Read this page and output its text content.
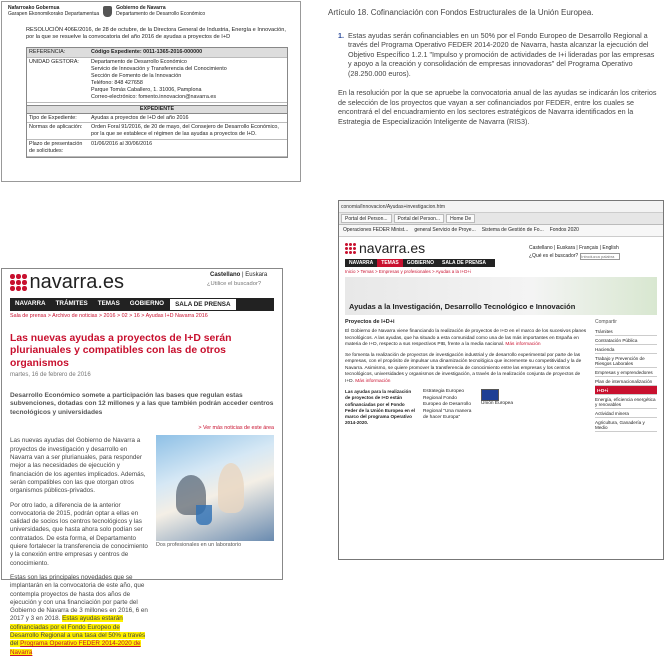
Nafarroako Gobernua
Garapen Ekonomikorako Departamentua
Gobierno de Navarra
Departamento de Desarrollo Económico
RESOLUCIÓN 406E/2016, de 28 de octubre, de la Directora General de Industria, Energía e Innovación, por la que se resuelve la convocatoria del año 2016 de ayudas a proyectos de I+D
REFERENCIA:	Código Expediente: 0011-1365-2016-000000
UNIDAD GESTORA:	Departamento de Desarrollo Económico
Servicio de Innovación y Transferencia del Conocimiento
Sección de Fomento de la Innovación
Teléfono: 848 427658
Parque Tomás Caballero, 1. 31006, Pamplona
Correo-electrónico: fomento.innovacion@navarra.es
EXPEDIENTE
Tipo de Expediente:	Ayudas a proyectos de I+D del año 2016
Normas de aplicación:	Orden Foral 91/2016, de 20 de mayo, del Consejero de Desarrollo Económico, por la que se establece el régimen de las ayudas a proyectos de I+D.
Plazo de presentación de solicitudes:
01/06/2016 al 30/06/2016
Artículo 18. Cofinanciación con Fondos Estructurales de la Unión Europea.
1. Estas ayudas serán cofinanciables en un 50% por el Fondo Europeo de Desarrollo Regional a través del Programa Operativo FEDER 2014-2020 de Navarra, hasta alcanzar la ejecución del Objetivo Específico 1.2.1 "Impulso y promoción de actividades de I+i lideradas por las empresas y apoyo a la creación y consolidación de empresas innovadoras" del Programa Operativo (28.250.000 euros).

En la resolución por la que se apruebe la convocatoria anual de las ayudas se indicarán los criterios de selección de los proyectos que vayan a ser cofinanciados por FEDER, entre los cuales se encontrará el del encuadramiento en los sectores estratégicos de Navarra identificados en la Estrategia de Especialización Inteligente de Navarra (RIS3).

conomia/Innovacion/Ayudas+investigacion.htm
Portal del Person...	Portal del Person...	Home De
Operaciones FEDER Minist... general Servicio de Proye... Sistema de Gestión de Fo... Fondos 2020
navarra.es	Castellano | Euskara | Français | English
¿Qué es el buscador?
Introduzca palabra
NAVARRA	TEMAS	GOBIERNO	SALA DE PRENSA
Inicio > Temas > Empresas y profesionales > Ayudas a la I+D+i
Ayudas a la Investigación, Desarrollo Tecnológico e Innovación
Proyectos de I+D+i

El Gobierno de Navarra viene financiando la realización de proyectos de I+D en el marco de los sucesivos planes tecnológicos. A las ayudas, que ha situado a esta comunidad como una de las más importantes en España en materia de I+D, respecto a sus respectivos PIB, frente a la media nacional. Más información

Se fomenta la realización de proyectos de investigación industrial y de desarrollo experimental por parte de las empresas, con el propósito de impulsar una dinamización tecnológica que incremente su competitividad y la de Navarra. Asimismo, se quiere promover la transferencia de conocimiento entre las empresas y los centros tecnológicos, universidades y organismos de investigación, a través de la realización conjunta de proyectos de I+D. Más información

Las ayudas para la realización de proyectos de I+D están cofinanciadas por el Fondo Feder de la Unión Europea en el marco del programa Operativo 2014-2020.
Estrategia Europeo Regional Fondo Europeo de Desarrollo Regional "Una manera de hacer Europa"
Unión Europea
Compartir
Trámites
Contratación Pública
Hacienda
Trabajo y Prevención de Riesgos Laborales
Empresas y emprendedores
Plan de internacionalización
I+D+i
Energía, eficiencia energética y renovables
Actividad minera
Agricultura, Ganadería y Medio
navarra.es	Castellano | Euskara
¿Utilice el buscador?
NAVARRA	TRÁMITES	TEMAS	GOBIERNO	SALA DE PRENSA
Sala de prensa > Archivo de noticias > 2016 > 02 > 16 > Ayudas I+D Navarra 2016
Las nuevas ayudas a proyectos de I+D serán plurianuales y compatibles con las de otros organismos
martes, 16 de febrero de 2016
Desarrollo Económico somete a participación las bases que regulan estas subvenciones, dotadas con 12 millones y a las que también podrán acceder centros tecnológicos y universidades

Las nuevas ayudas del Gobierno de Navarra a proyectos de investigación y desarrollo en Navarra van a ser plurianuales, para responder mejor a las necesidades de ejecución y financiación de los agentes implicados. Además, serán compatibles con las que otorgan otros organismos públicos-privados.

Por otro lado, a diferencia de la anterior convocatoria de 2015, podrán optar a ellas en calidad de socios los centros tecnológicos y las universidades, que hasta ahora solo podían ser contratados. De esta forma, el Departamento quiere fortalecer la transferencia de conocimiento y la conexión entre empresas y centros de conocimiento.

Estas son las principales novedades que se implantarán en la convocatoria de este año, que contempla proyectos de hasta dos años de ejecución y con una financiación por parte del Gobierno de Navarra de 3 millones en 2016, 6 en 2017 y 3 en 2018. Estas ayudas estarán cofinanciadas por el Fondo Europeo de Desarrollo Regional a una tasa del 50% a través del Programa Operativo FEDER 2014-2020 de Navarra

> Ver más noticias de este área
Dos profesionales en un laboratorio
